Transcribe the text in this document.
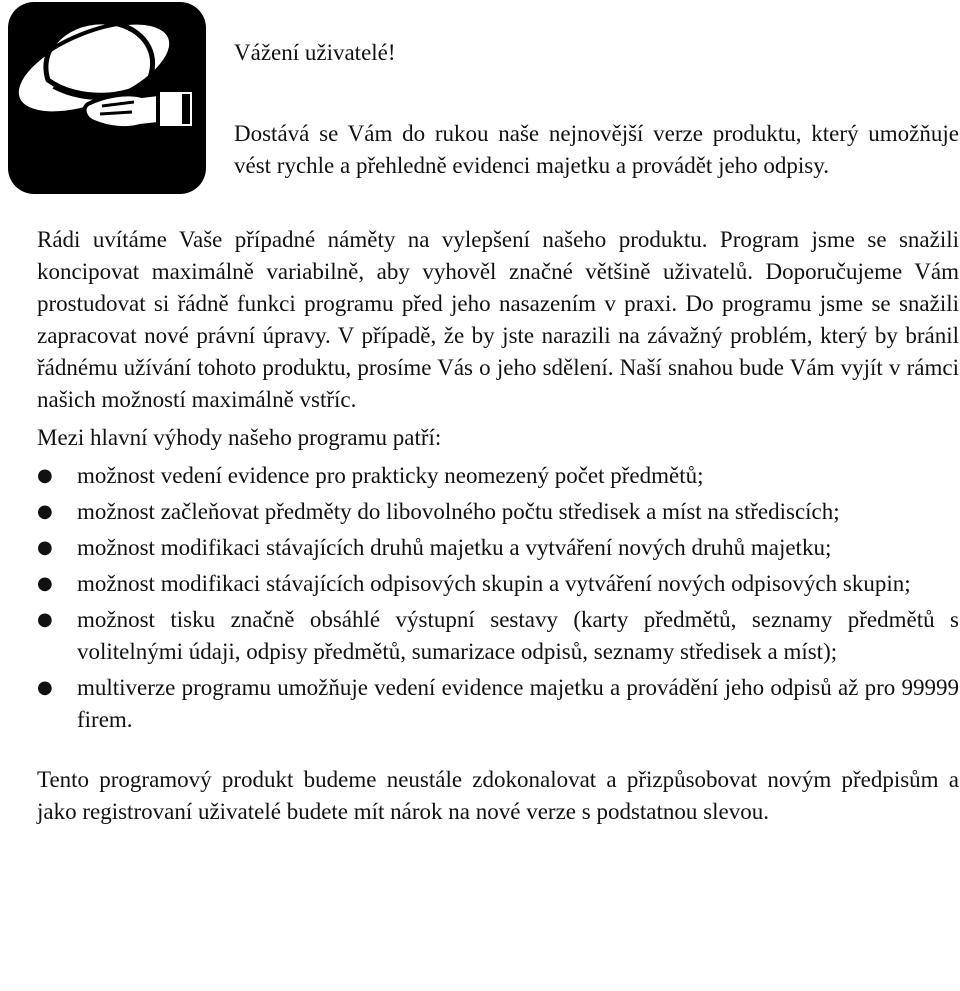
Vážení uživatelé!

Dostává se Vám do rukou naše nejnovější verze produktu, který umožňuje vést rychle a přehledně evidenci majetku a provádět jeho odpisy.

Rádi uvítáme Vaše případné náměty na vylepšení našeho produktu. Program jsme se snažili koncipovat maximálně variabilně, aby vyhověl značné většině uživatelů. Doporučujeme Vám prostudovat si řádně funkci programu před jeho nasazením v praxi. Do programu jsme se snažili zapracovat nové právní úpravy. V případě, že by jste narazili na závažný problém, který by bránil řádnému užívání tohoto produktu, prosíme Vás o jeho sdělení. Naší snahou bude Vám vyjít v rámci našich možností maximálně vstříc.

Mezi hlavní výhody našeho programu patří:

●	možnost vedení evidence pro prakticky neomezený počet předmětů;
●	možnost začleňovat předměty do libovolného počtu středisek a míst na střediscích;
●	možnost modifikaci stávajících druhů majetku a vytváření nových druhů majetku;
●	možnost modifikaci stávajících odpisových skupin a vytváření nových odpisových skupin;
●	možnost tisku značně obsáhlé výstupní sestavy (karty předmětů, seznamy předmětů s volitelnými údaji, odpisy předmětů, sumarizace odpisů, seznamy středisek a míst);
●	multiverze programu umožňuje vedení evidence majetku a provádění jeho odpisů až pro 99999 firem.

Tento programový produkt budeme neustále zdokonalovat a přizpůsobovat novým předpisům a jako registrovaní uživatelé budete mít nárok na nové verze s podstatnou slevou.
